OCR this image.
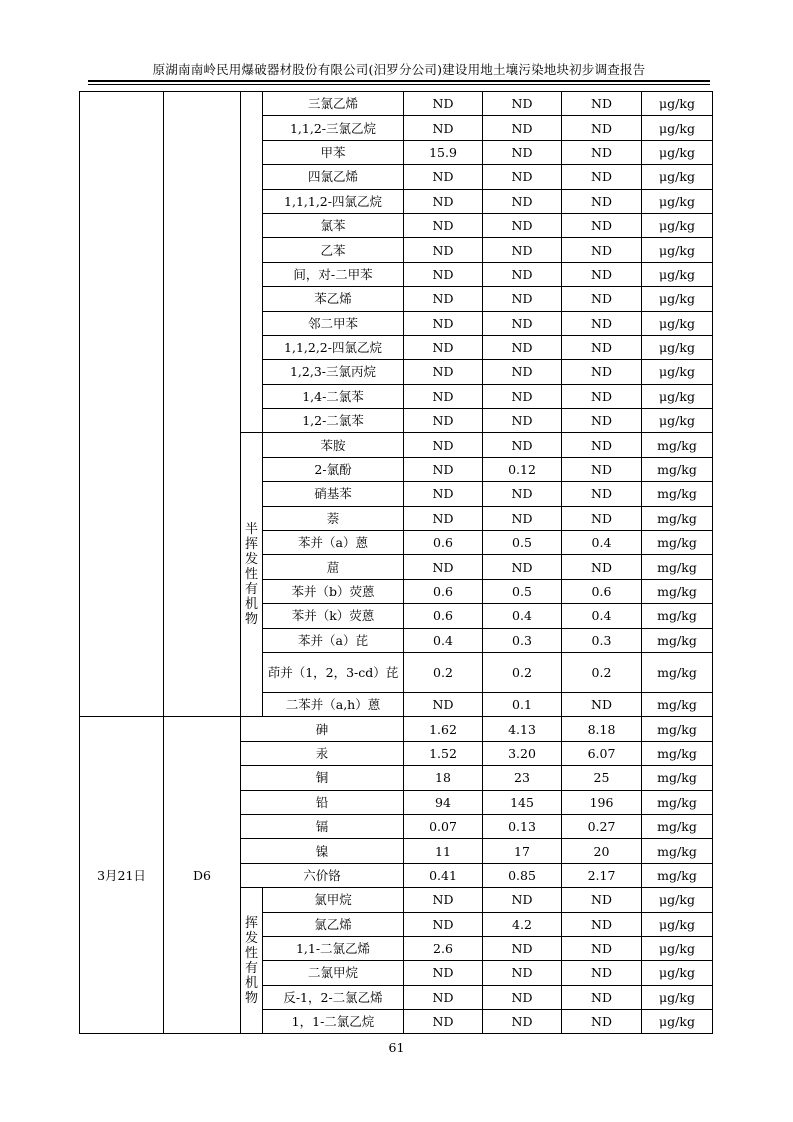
原湖南南岭民用爆破器材股份有限公司(汨罗分公司)建设用地土壤污染地块初步调查报告
			三氯乙烯	ND	ND	ND	μg/kg
			1,1,2-三氯乙烷	ND	ND	ND	μg/kg
			甲苯	15.9	ND	ND	μg/kg
			四氯乙烯	ND	ND	ND	μg/kg
			1,1,1,2-四氯乙烷	ND	ND	ND	μg/kg
			氯苯	ND	ND	ND	μg/kg
			乙苯	ND	ND	ND	μg/kg
			间，对-二甲苯	ND	ND	ND	μg/kg
			苯乙烯	ND	ND	ND	μg/kg
			邻二甲苯	ND	ND	ND	μg/kg
			1,1,2,2-四氯乙烷	ND	ND	ND	μg/kg
			1,2,3-三氯丙烷	ND	ND	ND	μg/kg
			1,4-二氯苯	ND	ND	ND	μg/kg
			1,2-二氯苯	ND	ND	ND	μg/kg

		半挥发性有机物	苯胺	ND	ND	ND	mg/kg
			2-氯酚	ND	0.12	ND	mg/kg
			硝基苯	ND	ND	ND	mg/kg
			萘	ND	ND	ND	mg/kg
			苯并（a）蒽	0.6	0.5	0.4	mg/kg
			䓛	ND	ND	ND	mg/kg
			苯并（b）荧蒽	0.6	0.5	0.6	mg/kg
			苯并（k）荧蒽	0.6	0.4	0.4	mg/kg
			苯并（a）芘	0.4	0.3	0.3	mg/kg
			茚并（1，2，3-cd）芘	0.2	0.2	0.2	mg/kg
			二苯并（a,h）蒽	ND	0.1	ND	mg/kg
3月21日	D6	砷		1.62	4.13	8.18	mg/kg
		汞		1.52	3.20	6.07	mg/kg
		铜		18	23	25	mg/kg
		铅		94	145	196	mg/kg
		镉		0.07	0.13	0.27	mg/kg
		镍		11	17	20	mg/kg
		六价铬		0.41	0.85	2.17	mg/kg

		挥发性有机物	氯甲烷	ND	ND	ND	μg/kg
			氯乙烯	ND	4.2	ND	μg/kg
			1,1-二氯乙烯	2.6	ND	ND	μg/kg
			二氯甲烷	ND	ND	ND	μg/kg
			反-1，2-二氯乙烯	ND	ND	ND	μg/kg
			1，1-二氯乙烷	ND	ND	ND	μg/kg
61
